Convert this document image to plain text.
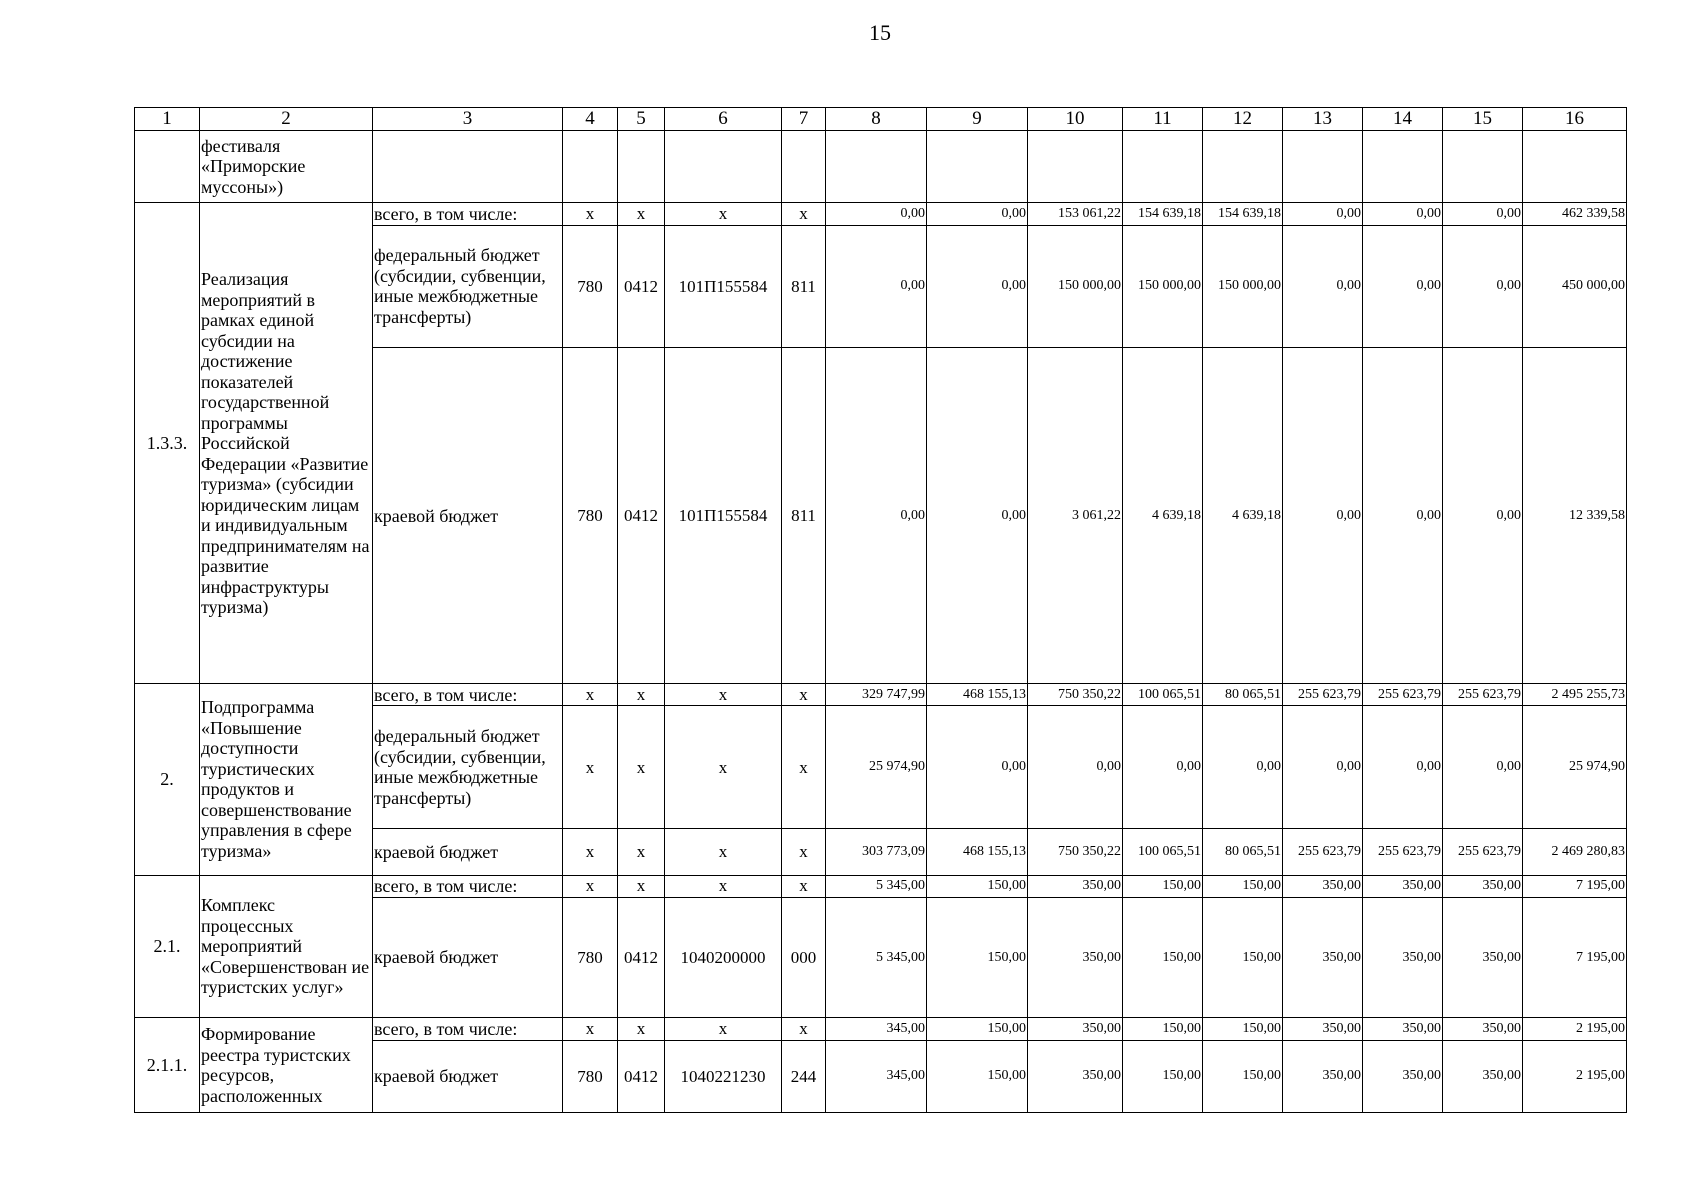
15
1	2	3	4	5	6	7	8	9	10	11	12	13	14	15	16
	фестиваля «Приморские муссоны»)														
1.3.3.	Реализация мероприятий в рамках единой субсидии на достижение показателей государственной программы Российской Федерации «Развитие туризма» (субсидии юридическим лицам и индивидуальным предпринимателям на развитие инфраструктуры туризма)	всего, в том числе:	x	x	x	x	0,00	0,00	153 061,22	154 639,18	154 639,18	0,00	0,00	0,00	462 339,58
		федеральный бюджет (субсидии, субвенции, иные межбюджетные трансферты)	780	0412	101П155584	811	0,00	0,00	150 000,00	150 000,00	150 000,00	0,00	0,00	0,00	450 000,00
		краевой бюджет	780	0412	101П155584	811	0,00	0,00	3 061,22	4 639,18	4 639,18	0,00	0,00	0,00	12 339,58
2.	Подпрограмма «Повышение доступности туристических продуктов и совершенствование управления в сфере туризма»	всего, в том числе:	x	x	x	x	329 747,99	468 155,13	750 350,22	100 065,51	80 065,51	255 623,79	255 623,79	255 623,79	2 495 255,73
		федеральный бюджет (субсидии, субвенции, иные межбюджетные трансферты)	x	x	x	x	25 974,90	0,00	0,00	0,00	0,00	0,00	0,00	0,00	25 974,90
		краевой бюджет	x	x	x	x	303 773,09	468 155,13	750 350,22	100 065,51	80 065,51	255 623,79	255 623,79	255 623,79	2 469 280,83
2.1.	Комплекс процессных мероприятий «Совершенствован ие туристских услуг»	всего, в том числе:	x	x	x	x	5 345,00	150,00	350,00	150,00	150,00	350,00	350,00	350,00	7 195,00
		краевой бюджет	780	0412	1040200000	000	5 345,00	150,00	350,00	150,00	150,00	350,00	350,00	350,00	7 195,00
2.1.1.	Формирование реестра туристских ресурсов, расположенных	всего, в том числе:	x	x	x	x	345,00	150,00	350,00	150,00	150,00	350,00	350,00	350,00	2 195,00
		краевой бюджет	780	0412	1040221230	244	345,00	150,00	350,00	150,00	150,00	350,00	350,00	350,00	2 195,00
